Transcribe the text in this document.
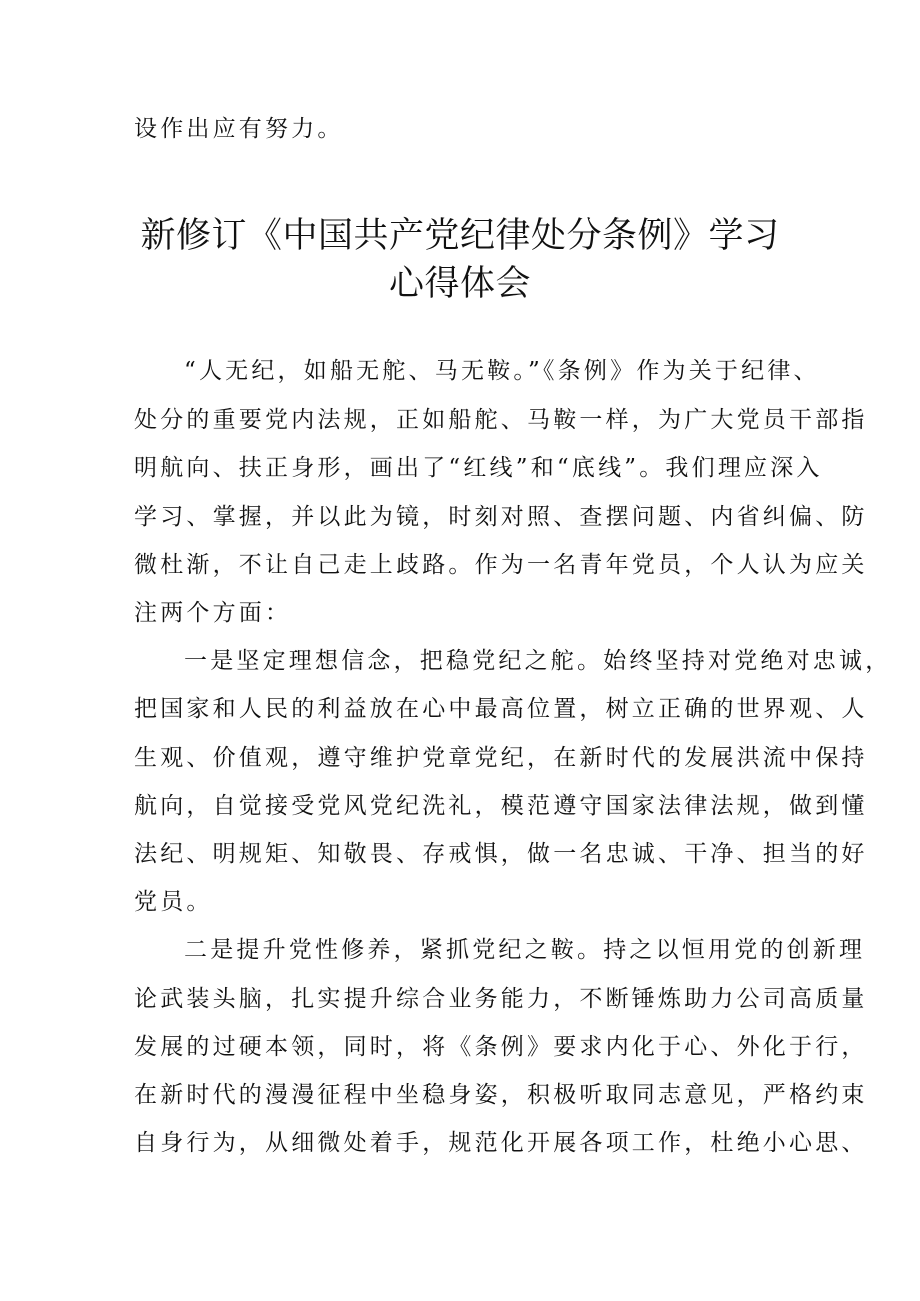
设作出应有努力。
新修订《中国共产党纪律处分条例》学习
心得体会
“人无纪，如船无舵、马无鞍。”《条例》作为关于纪律、
处分的重要党内法规，正如船舵、马鞍一样，为广大党员干部指
明航向、扶正身形，画出了“红线”和“底线”。我们理应深入
学习、掌握，并以此为镜，时刻对照、查摆问题、内省纠偏、防
微杜渐，不让自己走上歧路。作为一名青年党员，个人认为应关
注两个方面：
一是坚定理想信念，把稳党纪之舵。始终坚持对党绝对忠诚，
把国家和人民的利益放在心中最高位置，树立正确的世界观、人
生观、价值观，遵守维护党章党纪，在新时代的发展洪流中保持
航向，自觉接受党风党纪洗礼，模范遵守国家法律法规，做到懂
法纪、明规矩、知敬畏、存戒惧，做一名忠诚、干净、担当的好
党员。
二是提升党性修养，紧抓党纪之鞍。持之以恒用党的创新理
论武装头脑，扎实提升综合业务能力，不断锤炼助力公司高质量
发展的过硬本领，同时，将《条例》要求内化于心、外化于行，
在新时代的漫漫征程中坐稳身姿，积极听取同志意见，严格约束
自身行为，从细微处着手，规范化开展各项工作，杜绝小心思、
